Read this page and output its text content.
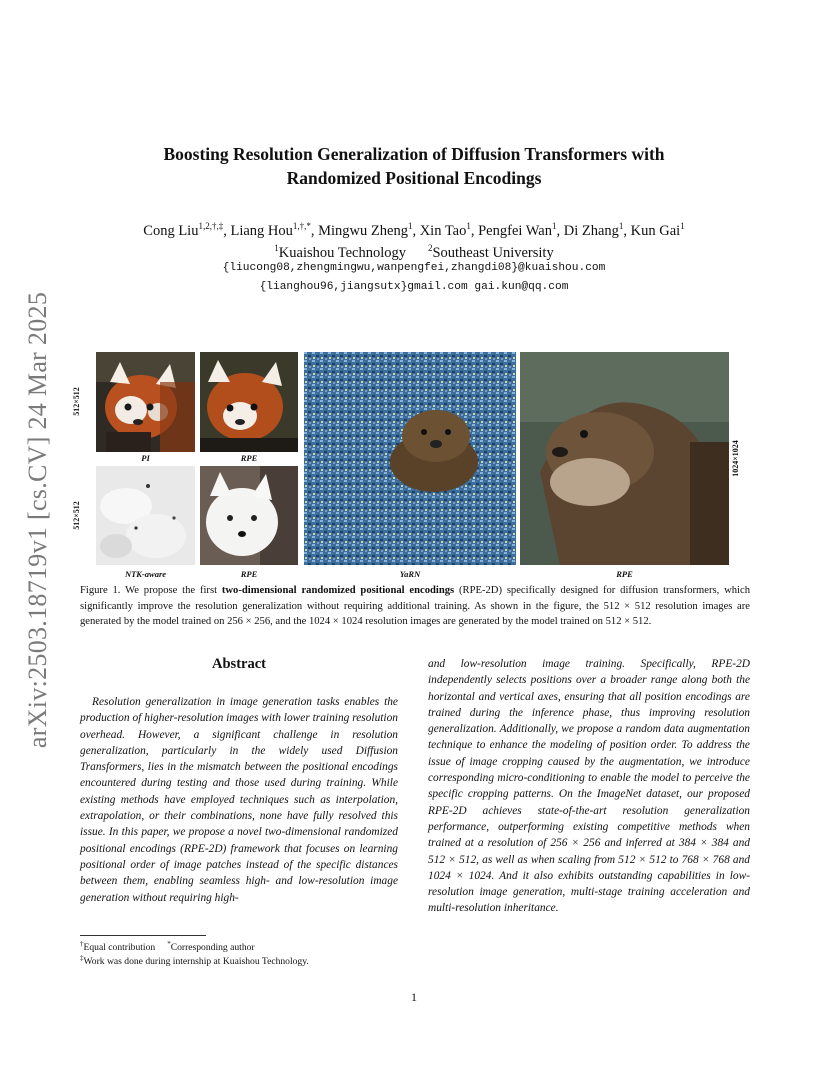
arXiv:2503.18719v1 [cs.CV] 24 Mar 2025
Boosting Resolution Generalization of Diffusion Transformers with
Randomized Positional Encodings
Cong Liu$^{1,2,\dagger,\ddagger}$, Liang Hou$^{1,\dagger,*}$, Mingwu Zheng$^1$, Xin Tao$^1$, Pengfei Wan$^1$, Di Zhang$^1$, Kun Gai$^1$
$^1$Kuaishou Technology $^2$Southeast University
{liucong08,zhengmingwu,wanpengfei,zhangdi08}@kuaishou.com
{lianghou96,jiangsutx}gmail.com gai.kun@qq.com
PI	RPE
NTK-aware	RPE	YaRN	RPE
512×512
512×512
1024×1024
Figure 1. We propose the first two-dimensional randomized positional encodings (RPE-2D) specifically designed for diffusion transformers, which significantly improve the resolution generalization without requiring additional training. As shown in the figure, the 512 × 512 resolution images are generated by the model trained on 256 × 256, and the 1024 × 1024 resolution images are generated by the model trained on 512 × 512.
Abstract
Resolution generalization in image generation tasks enables the production of higher-resolution images with lower training resolution overhead. However, a significant challenge in resolution generalization, particularly in the widely used Diffusion Transformers, lies in the mismatch between the positional encodings encountered during testing and those used during training. While existing methods have employed techniques such as interpolation, extrapolation, or their combinations, none have fully resolved this issue. In this paper, we propose a novel two-dimensional randomized positional encodings (RPE-2D) framework that focuses on learning positional order of image patches instead of the specific distances between them, enabling seamless high- and low-resolution image generation without requiring high-
and low-resolution image training. Specifically, RPE-2D independently selects positions over a broader range along both the horizontal and vertical axes, ensuring that all position encodings are trained during the inference phase, thus improving resolution generalization. Additionally, we propose a random data augmentation technique to enhance the modeling of position order. To address the issue of image cropping caused by the augmentation, we introduce corresponding micro-conditioning to enable the model to perceive the specific cropping patterns. On the ImageNet dataset, our proposed RPE-2D achieves state-of-the-art resolution generalization performance, outperforming existing competitive methods when trained at a resolution of 256 × 256 and inferred at 384 × 384 and 512 × 512, as well as when scaling from 512 × 512 to 768 × 768 and 1024 × 1024. And it also exhibits outstanding capabilities in low-resolution image generation, multi-stage training acceleration and multi-resolution inheritance.
†Equal contribution *Corresponding author
‡Work was done during internship at Kuaishou Technology.
1
